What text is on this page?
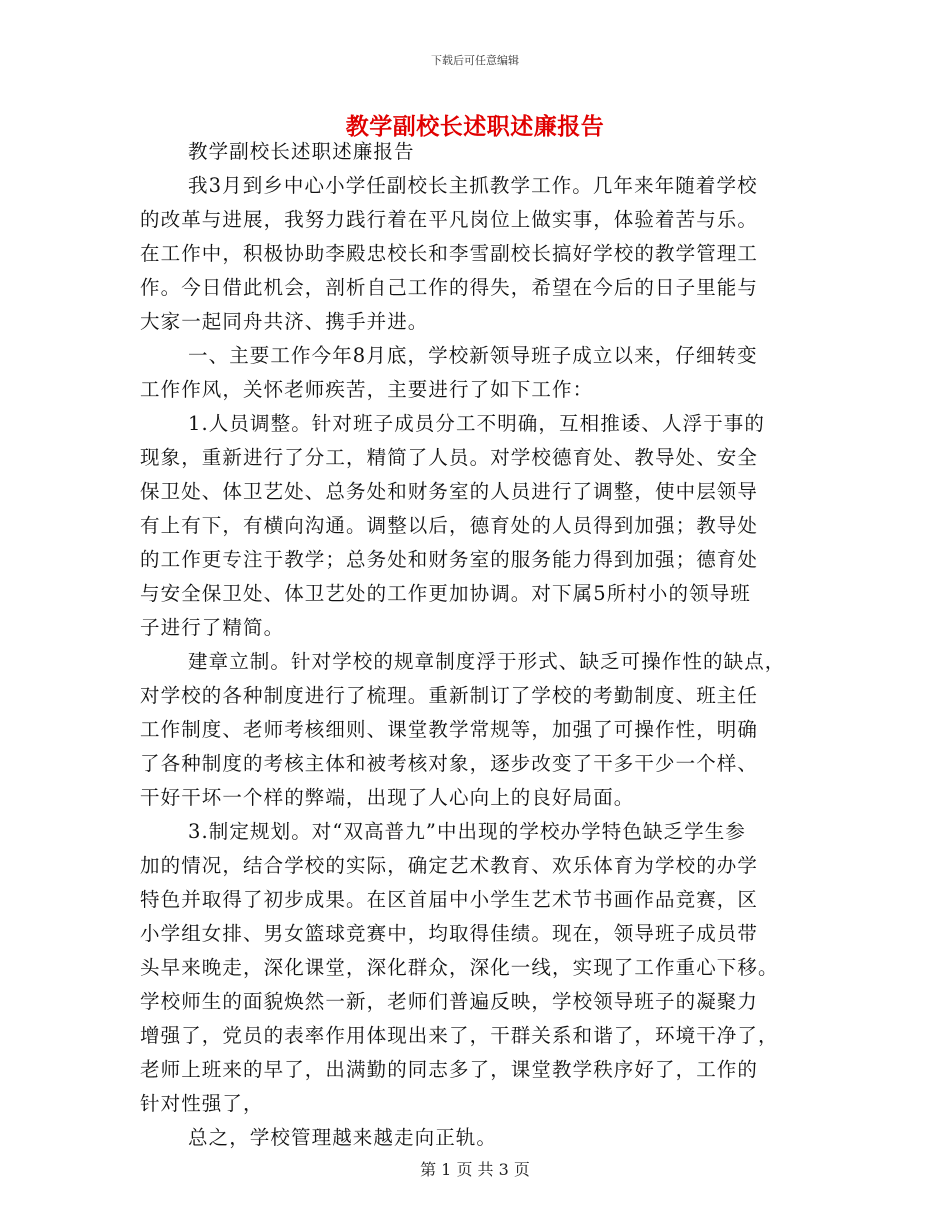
下载后可任意编辑
教学副校长述职述廉报告
教学副校长述职述廉报告
我3月到乡中心小学任副校长主抓教学工作。几年来年随着学校
的改革与进展，我努力践行着在平凡岗位上做实事，体验着苦与乐。
在工作中，积极协助李殿忠校长和李雪副校长搞好学校的教学管理工
作。今日借此机会，剖析自己工作的得失，希望在今后的日子里能与
大家一起同舟共济、携手并进。
一、主要工作今年8月底，学校新领导班子成立以来，仔细转变
工作作风，关怀老师疾苦，主要进行了如下工作：
1.人员调整。针对班子成员分工不明确，互相推诿、人浮于事的
现象，重新进行了分工，精简了人员。对学校德育处、教导处、安全
保卫处、体卫艺处、总务处和财务室的人员进行了调整，使中层领导
有上有下，有横向沟通。调整以后，德育处的人员得到加强；教导处
的工作更专注于教学；总务处和财务室的服务能力得到加强；德育处
与安全保卫处、体卫艺处的工作更加协调。对下属5所村小的领导班
子进行了精简。
建章立制。针对学校的规章制度浮于形式、缺乏可操作性的缺点，
对学校的各种制度进行了梳理。重新制订了学校的考勤制度、班主任
工作制度、老师考核细则、课堂教学常规等，加强了可操作性，明确
了各种制度的考核主体和被考核对象，逐步改变了干多干少一个样、
干好干坏一个样的弊端，出现了人心向上的良好局面。
3.制定规划。对“双高普九”中出现的学校办学特色缺乏学生参
加的情况，结合学校的实际，确定艺术教育、欢乐体育为学校的办学
特色并取得了初步成果。在区首届中小学生艺术节书画作品竞赛，区
小学组女排、男女篮球竞赛中，均取得佳绩。现在，领导班子成员带
头早来晚走，深化课堂，深化群众，深化一线，实现了工作重心下移。
学校师生的面貌焕然一新，老师们普遍反映，学校领导班子的凝聚力
增强了，党员的表率作用体现出来了，干群关系和谐了，环境干净了，
老师上班来的早了，出满勤的同志多了，课堂教学秩序好了，工作的
针对性强了，
总之，学校管理越来越走向正轨。
第 1 页 共 3 页
